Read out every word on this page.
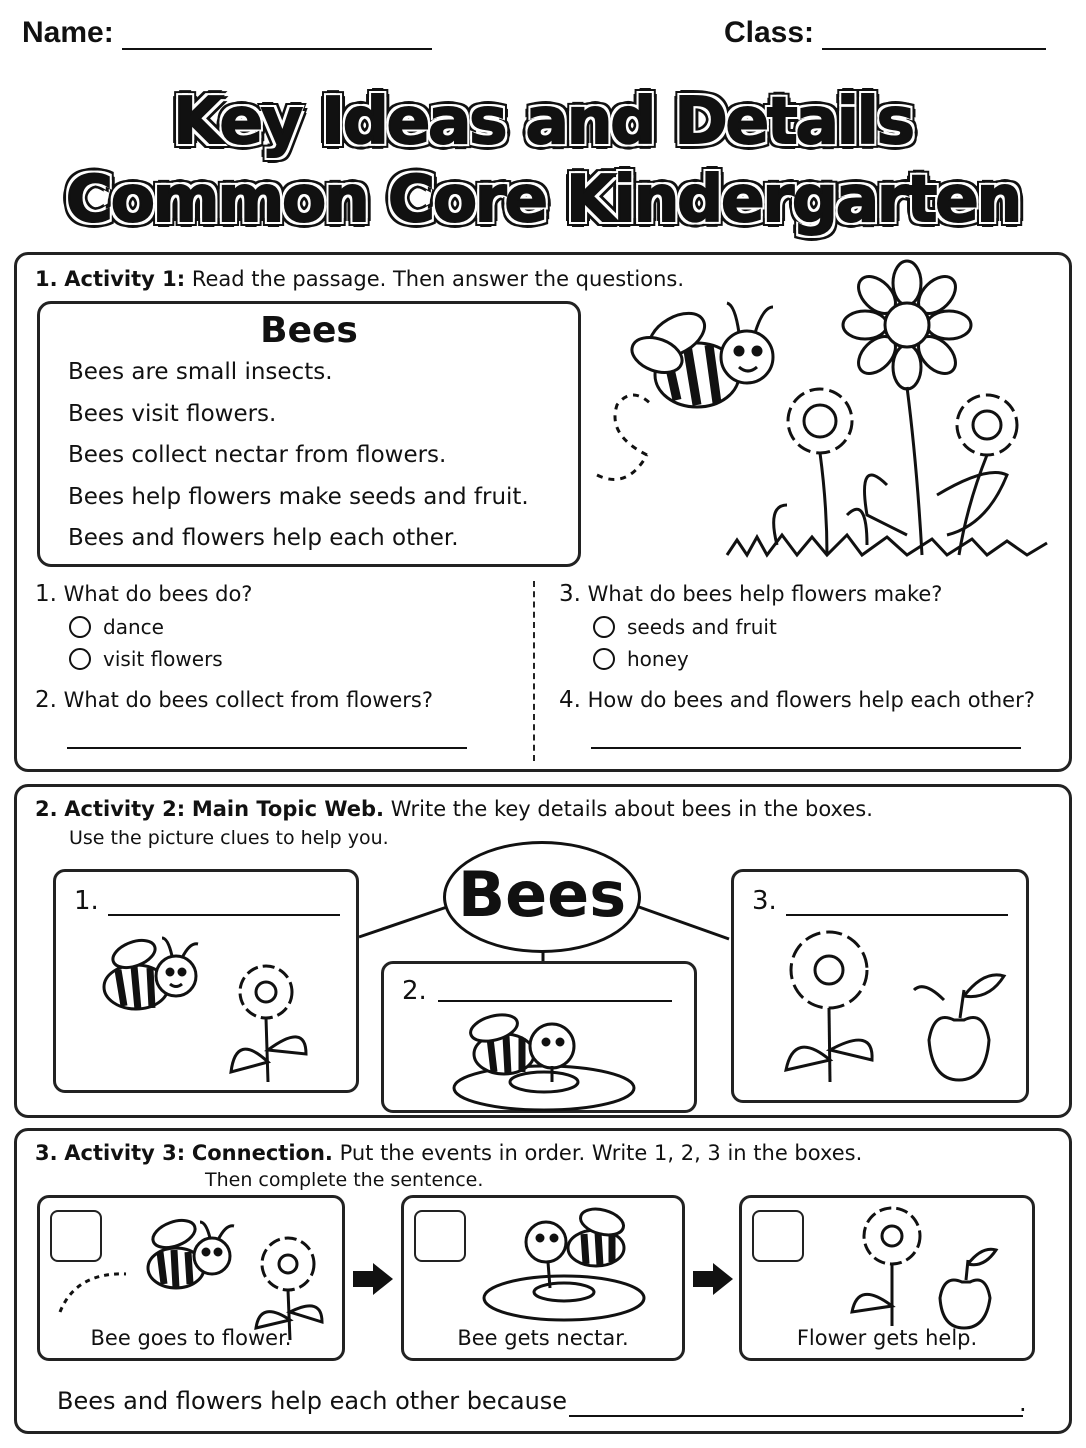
Name:	Class:
Key Ideas and Details
Common Core Kindergarten
1. Activity 1: Read the passage. Then answer the questions.
Bees
Bees are small insects.
Bees visit flowers.
Bees collect nectar from flowers.
Bees help flowers make seeds and fruit.
Bees and flowers help each other.
1. What do bees do?
dance
visit flowers
2. What do bees collect from flowers?
3. What do bees help flowers make?
seeds and fruit
honey
4. How do bees and flowers help each other?
2. Activity 2: Main Topic Web. Write the key details about bees in the boxes.
Use the picture clues to help you.
Bees
1.
2.
3.
3. Activity 3: Connection. Put the events in order. Write 1, 2, 3 in the boxes.
Then complete the sentence.
Bee goes to flower.	Bee gets nectar.	Flower gets help.
Bees and flowers help each other because	.
